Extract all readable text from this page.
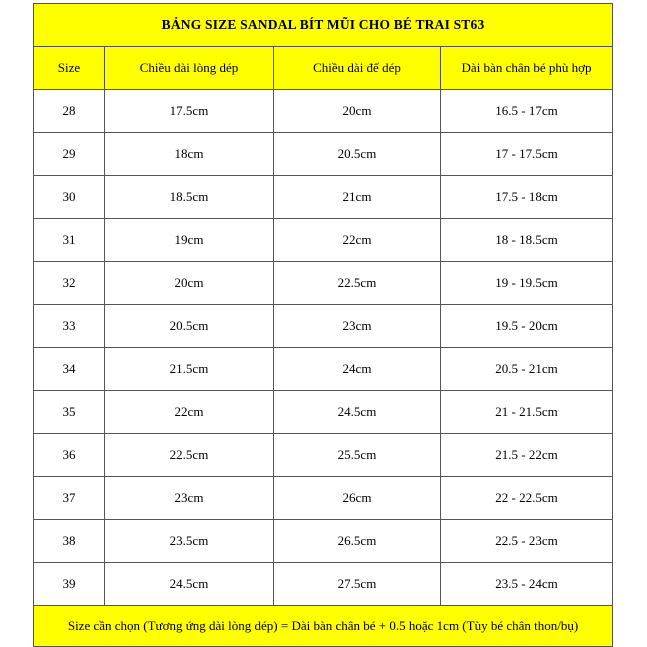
BẢNG SIZE SANDAL BÍT MŨI CHO BÉ TRAI ST63			
Size	Chiều dài lòng dép	Chiều dài đế dép	Dài bàn chân bé phù hợp
28	17.5cm	20cm	16.5 - 17cm
29	18cm	20.5cm	17 - 17.5cm
30	18.5cm	21cm	17.5 - 18cm
31	19cm	22cm	18 - 18.5cm
32	20cm	22.5cm	19 - 19.5cm
33	20.5cm	23cm	19.5 - 20cm
34	21.5cm	24cm	20.5 - 21cm
35	22cm	24.5cm	21 - 21.5cm
36	22.5cm	25.5cm	21.5 - 22cm
37	23cm	26cm	22 - 22.5cm
38	23.5cm	26.5cm	22.5 - 23cm
39	24.5cm	27.5cm	23.5 - 24cm
Size cần chọn (Tương ứng dài lòng dép) = Dài bàn chân bé + 0.5 hoặc 1cm (Tùy bé chân thon/bụ)			
